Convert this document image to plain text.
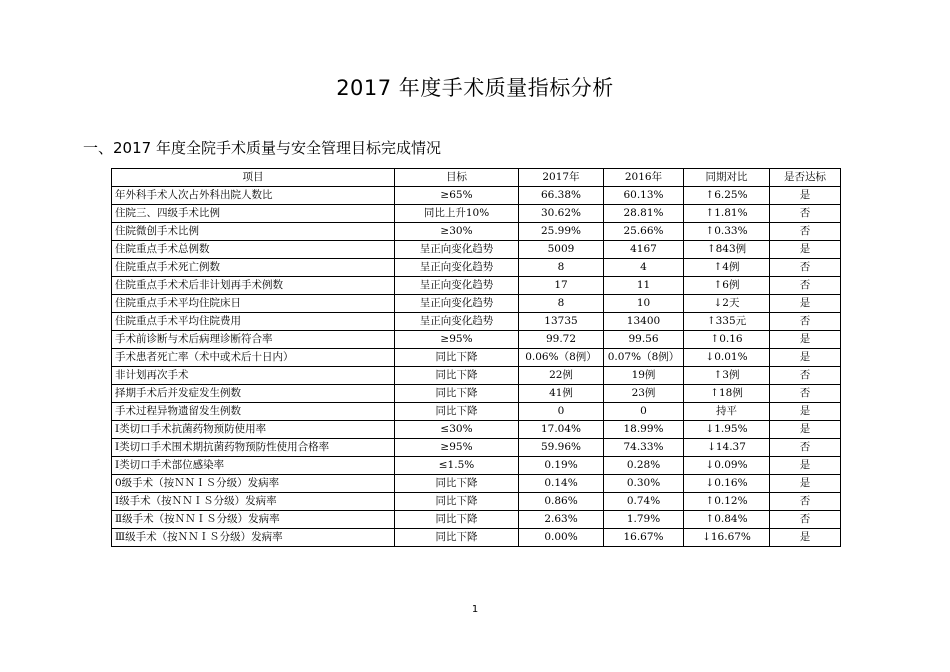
2017 年度手术质量指标分析
一、2017 年度全院手术质量与安全管理目标完成情况
项目	目标	2017年	2016年	同期对比	是否达标
年外科手术人次占外科出院人数比	≥65%	66.38%	60.13%	↑6.25%	是
住院三、四级手术比例	同比上升10%	30.62%	28.81%	↑1.81%	否
住院微创手术比例	≥30%	25.99%	25.66%	↑0.33%	否
住院重点手术总例数	呈正向变化趋势	5009	4167	↑843例	是
住院重点手术死亡例数	呈正向变化趋势	8	4	↑4例	否
住院重点手术术后非计划再手术例数	呈正向变化趋势	17	11	↑6例	否
住院重点手术平均住院床日	呈正向变化趋势	8	10	↓2天	是
住院重点手术平均住院费用	呈正向变化趋势	13735	13400	↑335元	否
手术前诊断与术后病理诊断符合率	≥95%	99.72	99.56	↑0.16	是
手术患者死亡率（术中或术后十日内）	同比下降	0.06%（8例）	0.07%（8例）	↓0.01%	是
非计划再次手术	同比下降	22例	19例	↑3例	否
择期手术后并发症发生例数	同比下降	41例	23例	↑18例	否
手术过程异物遗留发生例数	同比下降	0	0	持平	是
Ⅰ类切口手术抗菌药物预防使用率	≤30%	17.04%	18.99%	↓1.95%	是
Ⅰ类切口手术围术期抗菌药物预防性使用合格率	≥95%	59.96%	74.33%	↓14.37	否
Ⅰ类切口手术部位感染率	≤1.5%	0.19%	0.28%	↓0.09%	是
0级手术（按ＮＮＩＳ分级）发病率	同比下降	0.14%	0.30%	↓0.16%	是
Ⅰ级手术（按ＮＮＩＳ分级）发病率	同比下降	0.86%	0.74%	↑0.12%	否
Ⅱ级手术（按ＮＮＩＳ分级）发病率	同比下降	2.63%	1.79%	↑0.84%	否
Ⅲ级手术（按ＮＮＩＳ分级）发病率	同比下降	0.00%	16.67%	↓16.67%	是
1
